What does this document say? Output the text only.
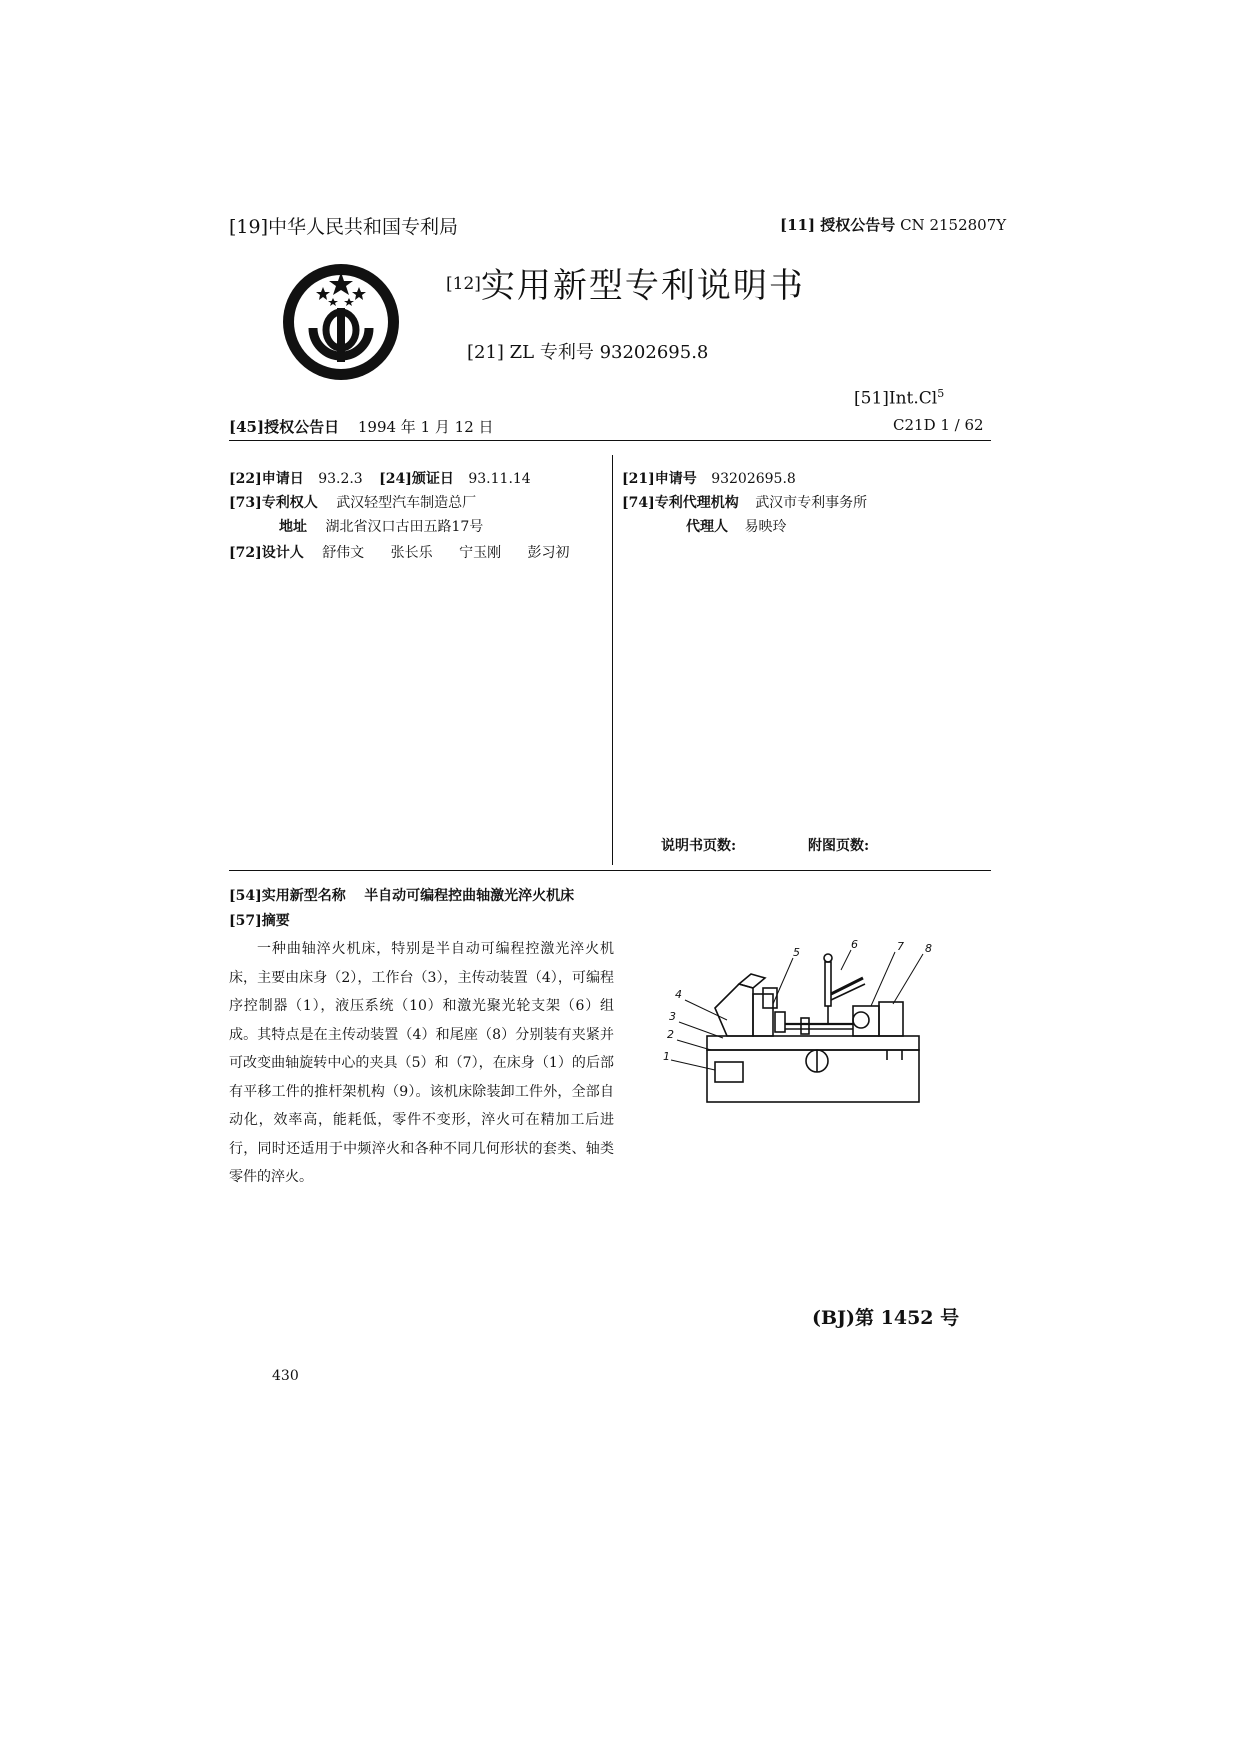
[19]中华人民共和国专利局	[11] 授权公告号 CN 2152807Y
[12]实用新型专利说明书
[21] ZL 专利号 93202695.8
[51]Int.Cl$^5$
[45]授权公告日 1994 年 1 月 12 日	C21D 1 / 62
[22]申请日 93.2.3 [24]颁证日 93.11.14
[73]专利权人 武汉轻型汽车制造总厂
地址 湖北省汉口古田五路17号
[72]设计人 舒伟文 张长乐 宁玉刚 彭习初
[21]申请号 93202695.8
[74]专利代理机构 武汉市专利事务所
代理人 易映玲
说明书页数:	附图页数:
[54]实用新型名称 半自动可编程控曲轴激光淬火机床
[57]摘要

一种曲轴淬火机床，特别是半自动可编程控激光淬火机床，主要由床身（2），工作台（3），主传动装置（4），可编程序控制器（1），液压系统（10）和激光聚光轮支架（6）组成。其特点是在主传动装置（4）和尾座（8）分别装有夹紧并可改变曲轴旋转中心的夹具（5）和（7），在床身（1）的后部有平移工件的推杆架机构（9）。该机床除装卸工件外，全部自动化，效率高，能耗低，零件不变形，淬火可在精加工后进行，同时还适用于中频淬火和各种不同几何形状的套类、轴类零件的淬火。

1
2
3
4
5
6	7 8
(BJ)第 1452 号
430
